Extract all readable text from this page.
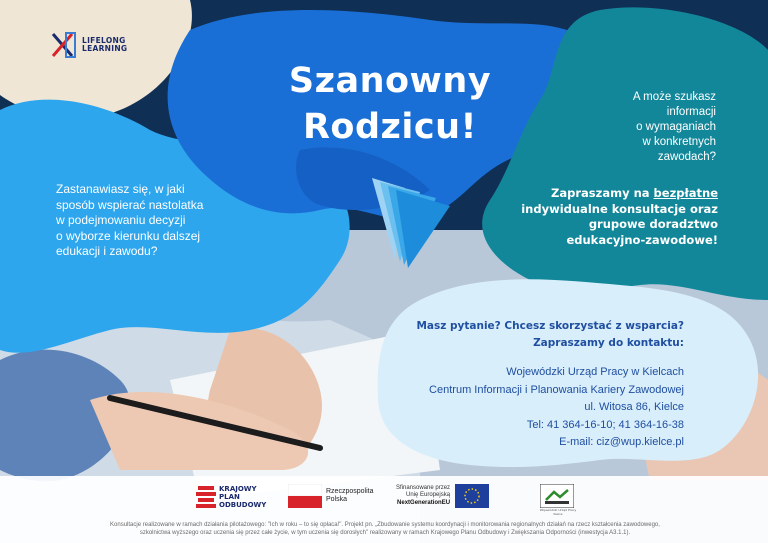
LIFELONG
LEARNING
Szanowny
Rodzicu!
Zastanawiasz się, w jaki
sposób wspierać nastolatka
w podejmowaniu decyzji
o wyborze kierunku dalszej
edukacji i zawodu?
A może szukasz
informacji
o wymaganiach
w konkretnych
zawodach?
Zapraszamy na bezpłatne
indywidualne konsultacje oraz
grupowe doradztwo
edukacyjno-zawodowe!
Masz pytanie? Chcesz skorzystać z wsparcia?
Zapraszamy do kontaktu:
Wojewódzki Urząd Pracy w Kielcach
Centrum Informacji i Planowania Kariery Zawodowej
ul. Witosa 86, Kielce
Tel: 41 364-16-10; 41 364-16-38
E-mail: ciz@wup.kielce.pl
KRAJOWY
PLAN
ODBUDOWY
Rzeczpospolita
Polska
Sfinansowane przez
Unię Europejską
NextGenerationEU
Wojewódzki Urząd Pracy Kielce
Konsultacje realizowane w ramach działania pilotażowego: "Ich w roku – to się opłaca!". Projekt pn. „Zbudowanie systemu koordynacji i monitorowania regionalnych działań na rzecz kształcenia zawodowego,
szkolnictwa wyższego oraz uczenia się przez całe życie, w tym uczenia się dorosłych" realizowany w ramach Krajowego Planu Odbudowy i Zwiększania Odporności (inwestycja A3.1.1).
